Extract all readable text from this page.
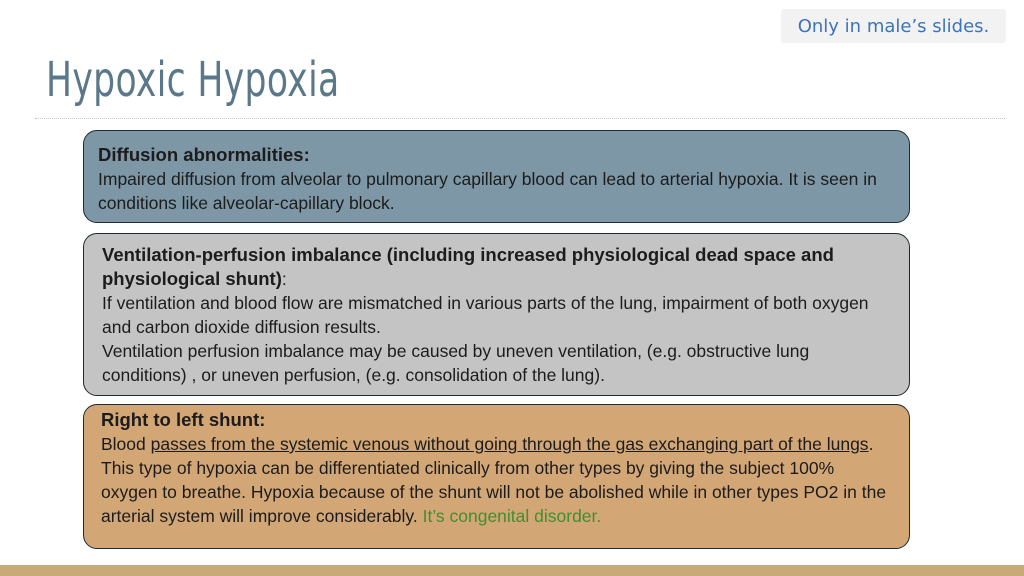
Only in male’s slides.
Hypoxic Hypoxia

Diffusion abnormalities:

Impaired diffusion from alveolar to pulmonary capillary blood can lead to arterial hypoxia. It is seen in conditions like alveolar-capillary block.

Ventilation-perfusion imbalance (including increased physiological dead space and physiological shunt):

If ventilation and blood flow are mismatched in various parts of the lung, impairment of both oxygen and carbon dioxide diffusion results.

Ventilation perfusion imbalance may be caused by uneven ventilation, (e.g. obstructive lung conditions) , or uneven perfusion, (e.g. consolidation of the lung).

Right to left shunt:

Blood passes from the systemic venous without going through the gas exchanging part of the lungs. This type of hypoxia can be differentiated clinically from other types by giving the subject 100% oxygen to breathe. Hypoxia because of the shunt will not be abolished while in other types PO2 in the arterial system will improve considerably. It’s congenital disorder.
